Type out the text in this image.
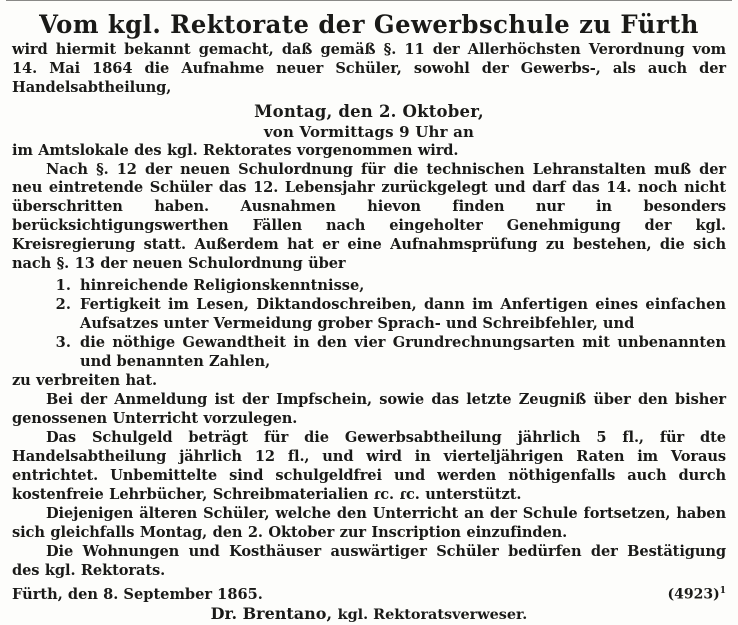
Vom kgl. Rektorate der Gewerbschule zu Fürth

wird hiermit bekannt gemacht, daß gemäß §. 11 der Allerhöchsten Verordnung vom 14. Mai 1864 die Aufnahme neuer Schüler, sowohl der Gewerbs-, als auch der Handelsabtheilung,

Montag, den 2. Oktober,
von Vormittags 9 Uhr an

im Amtslokale des kgl. Rektorates vorgenommen wird.

Nach §. 12 der neuen Schulordnung für die technischen Lehranstalten muß der neu eintretende Schüler das 12. Lebensjahr zurückgelegt und darf das 14. noch nicht überschritten haben. Ausnahmen hievon finden nur in besonders berücksichtigungswerthen Fällen nach eingeholter Genehmigung der kgl. Kreisregierung statt. Außerdem hat er eine Aufnahmsprüfung zu bestehen, die sich nach §. 13 der neuen Schulordnung über

1. hinreichende Religionskenntnisse,
2. Fertigkeit im Lesen, Diktandoschreiben, dann im Anfertigen eines einfachen Aufsatzes unter Vermeidung grober Sprach- und Schreibfehler, und
3. die nöthige Gewandtheit in den vier Grundrechnungsarten mit unbenannten und benannten Zahlen,

zu verbreiten hat.

Bei der Anmeldung ist der Impfschein, sowie das letzte Zeugniß über den bisher genossenen Unterricht vorzulegen.

Das Schulgeld beträgt für die Gewerbsabtheilung jährlich 5 fl., für dte Handelsabtheilung jährlich 12 fl., und wird in vierteljährigen Raten im Voraus entrichtet. Unbemittelte sind schulgeldfrei und werden nöthigenfalls auch durch kostenfreie Lehrbücher, Schreibmaterialien ɾc. ɾc. unterstützt.

Diejenigen älteren Schüler, welche den Unterricht an der Schule fortsetzen, haben sich gleichfalls Montag, den 2. Oktober zur Inscription einzufinden.

Die Wohnungen und Kosthäuser auswärtiger Schüler bedürfen der Bestätigung des kgl. Rektorats.

Fürth, den 8. September 1865.	$(4923)^1$
Dr. Brentano, kgl. Rektoratsverweser.
